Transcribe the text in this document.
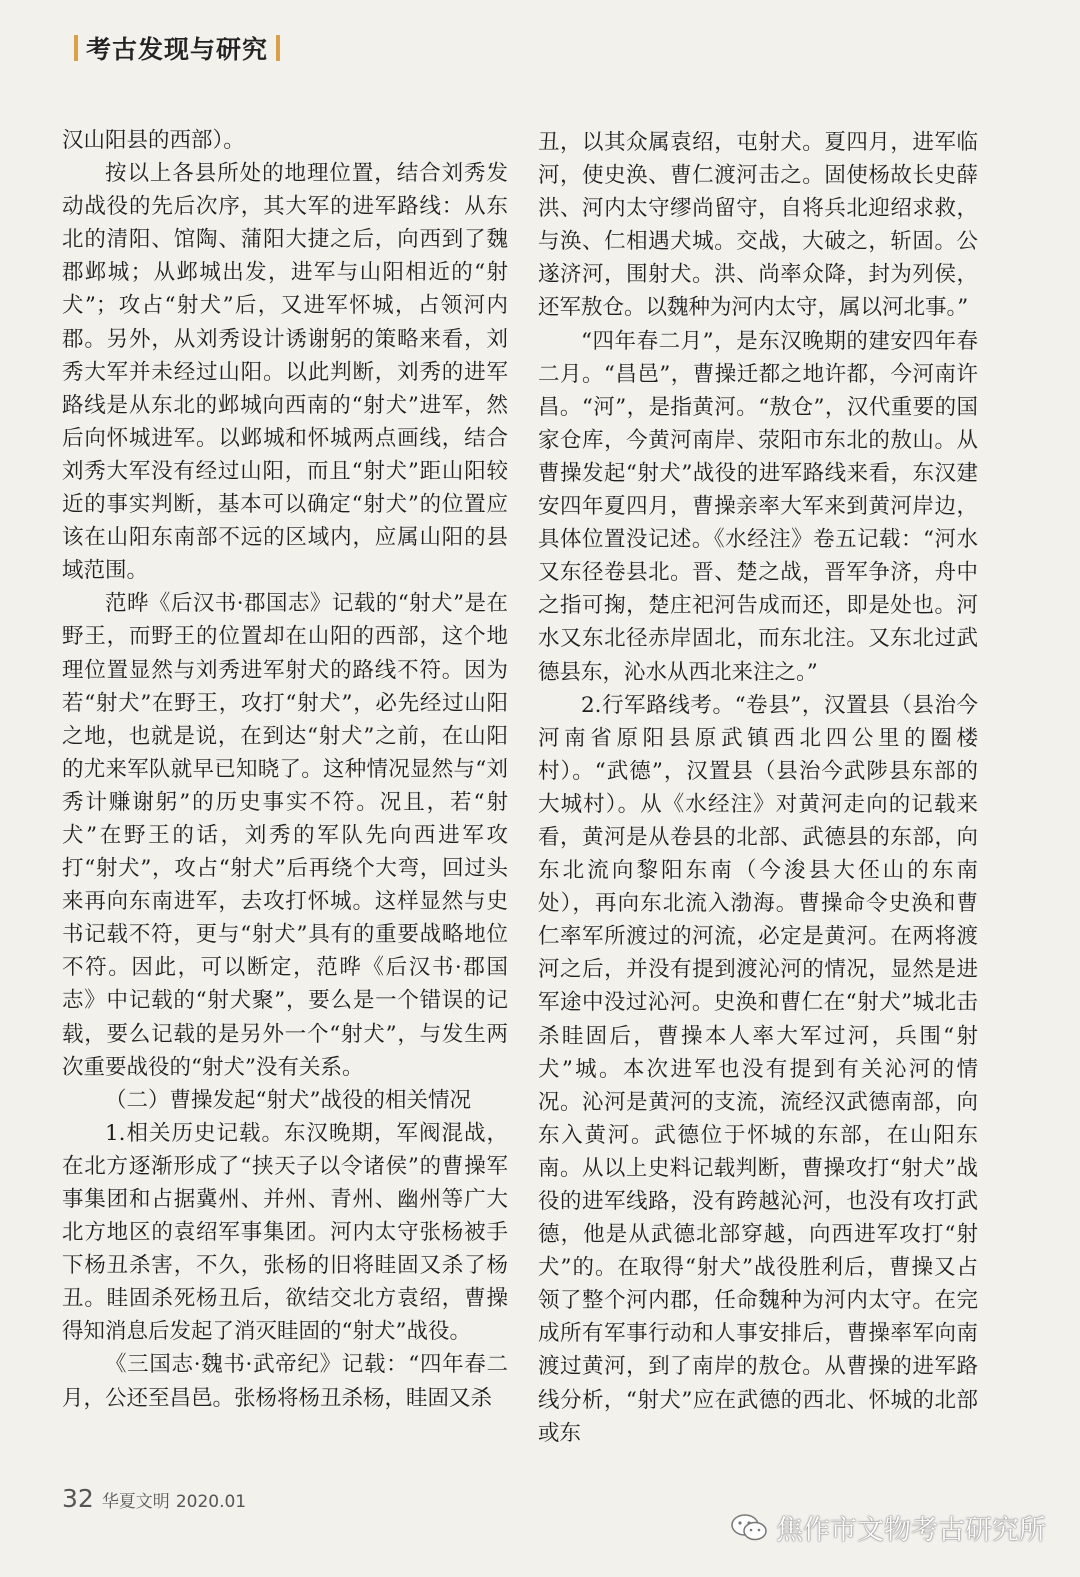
考古发现与研究

汉山阳县的西部）。

按以上各县所处的地理位置，结合刘秀发动战役的先后次序，其大军的进军路线：从东北的清阳、馆陶、蒲阳大捷之后，向西到了魏郡邺城；从邺城出发，进军与山阳相近的“射犬”；攻占“射犬”后，又进军怀城，占领河内郡。另外，从刘秀设计诱谢躬的策略来看，刘秀大军并未经过山阳。以此判断，刘秀的进军路线是从东北的邺城向西南的“射犬”进军，然后向怀城进军。以邺城和怀城两点画线，结合刘秀大军没有经过山阳，而且“射犬”距山阳较近的事实判断，基本可以确定“射犬”的位置应该在山阳东南部不远的区域内，应属山阳的县域范围。

范晔《后汉书·郡国志》记载的“射犬”是在野王，而野王的位置却在山阳的西部，这个地理位置显然与刘秀进军射犬的路线不符。因为若“射犬”在野王，攻打“射犬”，必先经过山阳之地，也就是说，在到达“射犬”之前，在山阳的尤来军队就早已知晓了。这种情况显然与“刘秀计赚谢躬”的历史事实不符。况且，若“射犬”在野王的话，刘秀的军队先向西进军攻打“射犬”，攻占“射犬”后再绕个大弯，回过头来再向东南进军，去攻打怀城。这样显然与史书记载不符，更与“射犬”具有的重要战略地位不符。因此，可以断定，范晔《后汉书·郡国志》中记载的“射犬聚”，要么是一个错误的记载，要么记载的是另外一个“射犬”，与发生两次重要战役的“射犬”没有关系。

（二）曹操发起“射犬”战役的相关情况

1.相关历史记载。东汉晚期，军阀混战，在北方逐渐形成了“挟天子以令诸侯”的曹操军事集团和占据冀州、并州、青州、幽州等广大北方地区的袁绍军事集团。河内太守张杨被手下杨丑杀害，不久，张杨的旧将眭固又杀了杨丑。眭固杀死杨丑后，欲结交北方袁绍，曹操得知消息后发起了消灭眭固的“射犬”战役。

《三国志·魏书·武帝纪》记载：“四年春二月，公还至昌邑。张杨将杨丑杀杨，眭固又杀

丑，以其众属袁绍，屯射犬。夏四月，进军临河，使史涣、曹仁渡河击之。固使杨故长史薛洪、河内太守缪尚留守，自将兵北迎绍求救，与涣、仁相遇犬城。交战，大破之，斩固。公遂济河，围射犬。洪、尚率众降，封为列侯，还军敖仓。以魏种为河内太守，属以河北事。”

“四年春二月”，是东汉晚期的建安四年春二月。“昌邑”，曹操迁都之地许都，今河南许昌。“河”，是指黄河。“敖仓”，汉代重要的国家仓库，今黄河南岸、荥阳市东北的敖山。从曹操发起“射犬”战役的进军路线来看，东汉建安四年夏四月，曹操亲率大军来到黄河岸边，具体位置没记述。《水经注》卷五记载：“河水又东径卷县北。晋、楚之战，晋军争济，舟中之指可掬，楚庄祀河告成而还，即是处也。河水又东北径赤岸固北，而东北注。又东北过武德县东，沁水从西北来注之。”

2.行军路线考。“卷县”，汉置县（县治今河南省原阳县原武镇西北四公里的圈楼村）。“武德”，汉置县（县治今武陟县东部的大城村）。从《水经注》对黄河走向的记载来看，黄河是从卷县的北部、武德县的东部，向东北流向黎阳东南（今浚县大伾山的东南处），再向东北流入渤海。曹操命令史涣和曹仁率军所渡过的河流，必定是黄河。在两将渡河之后，并没有提到渡沁河的情况，显然是进军途中没过沁河。史涣和曹仁在“射犬”城北击杀眭固后，曹操本人率大军过河，兵围“射犬”城。本次进军也没有提到有关沁河的情况。沁河是黄河的支流，流经汉武德南部，向东入黄河。武德位于怀城的东部，在山阳东南。从以上史料记载判断，曹操攻打“射犬”战役的进军线路，没有跨越沁河，也没有攻打武德，他是从武德北部穿越，向西进军攻打“射犬”的。在取得“射犬”战役胜利后，曹操又占领了整个河内郡，任命魏种为河内太守。在完成所有军事行动和人事安排后，曹操率军向南渡过黄河，到了南岸的敖仓。从曹操的进军路线分析，“射犬”应在武德的西北、怀城的北部或东

32 华夏文明 2020.01
焦作市文物考古研究所
